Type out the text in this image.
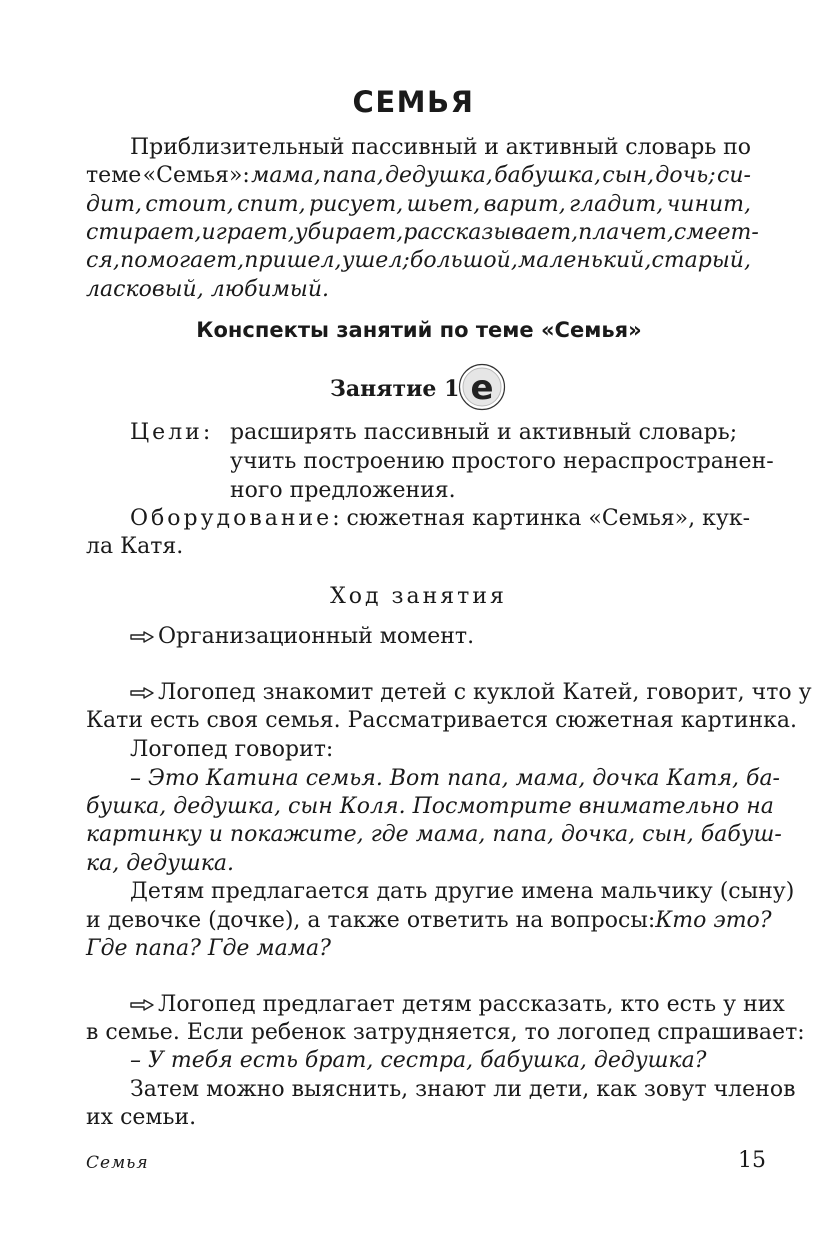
СЕМЬЯ
Приблизительный пассивный и активный словарь по
теме «Семья»: мама, папа, дедушка, бабушка, сын, дочь; си-
дит, стоит, спит, рисует, шьет, варит, гладит, чинит,
стирает, играет, убирает, рассказывает, плачет, смеет-
ся, помогает, пришел, ушел; большой, маленький, старый,
ласковый, любимый.
Конспекты занятий по теме «Семья»
Занятие 1 e
Цели: расширять пассивный и активный словарь;
учить построению простого нераспространен-
ного предложения.
Оборудование: сюжетная картинка «Семья», кук-
ла Катя.
Ход занятия
Организационный момент.
Логопед знакомит детей с куклой Катей, говорит, что у
Кати есть своя семья. Рассматривается сюжетная картинка.
Логопед говорит:
– Это Катина семья. Вот папа, мама, дочка Катя, ба-
бушка, дедушка, сын Коля. Посмотрите внимательно на
картинку и покажите, где мама, папа, дочка, сын, бабуш-
ка, дедушка.
Детям предлагается дать другие имена мальчику (сыну)
и девочке (дочке), а также ответить на вопросы: Кто это?
Где папа? Где мама?
Логопед предлагает детям рассказать, кто есть у них
в семье. Если ребенок затрудняется, то логопед спрашивает:
– У тебя есть брат, сестра, бабушка, дедушка?
Затем можно выяснить, знают ли дети, как зовут членов
их семьи.
Семья	15
